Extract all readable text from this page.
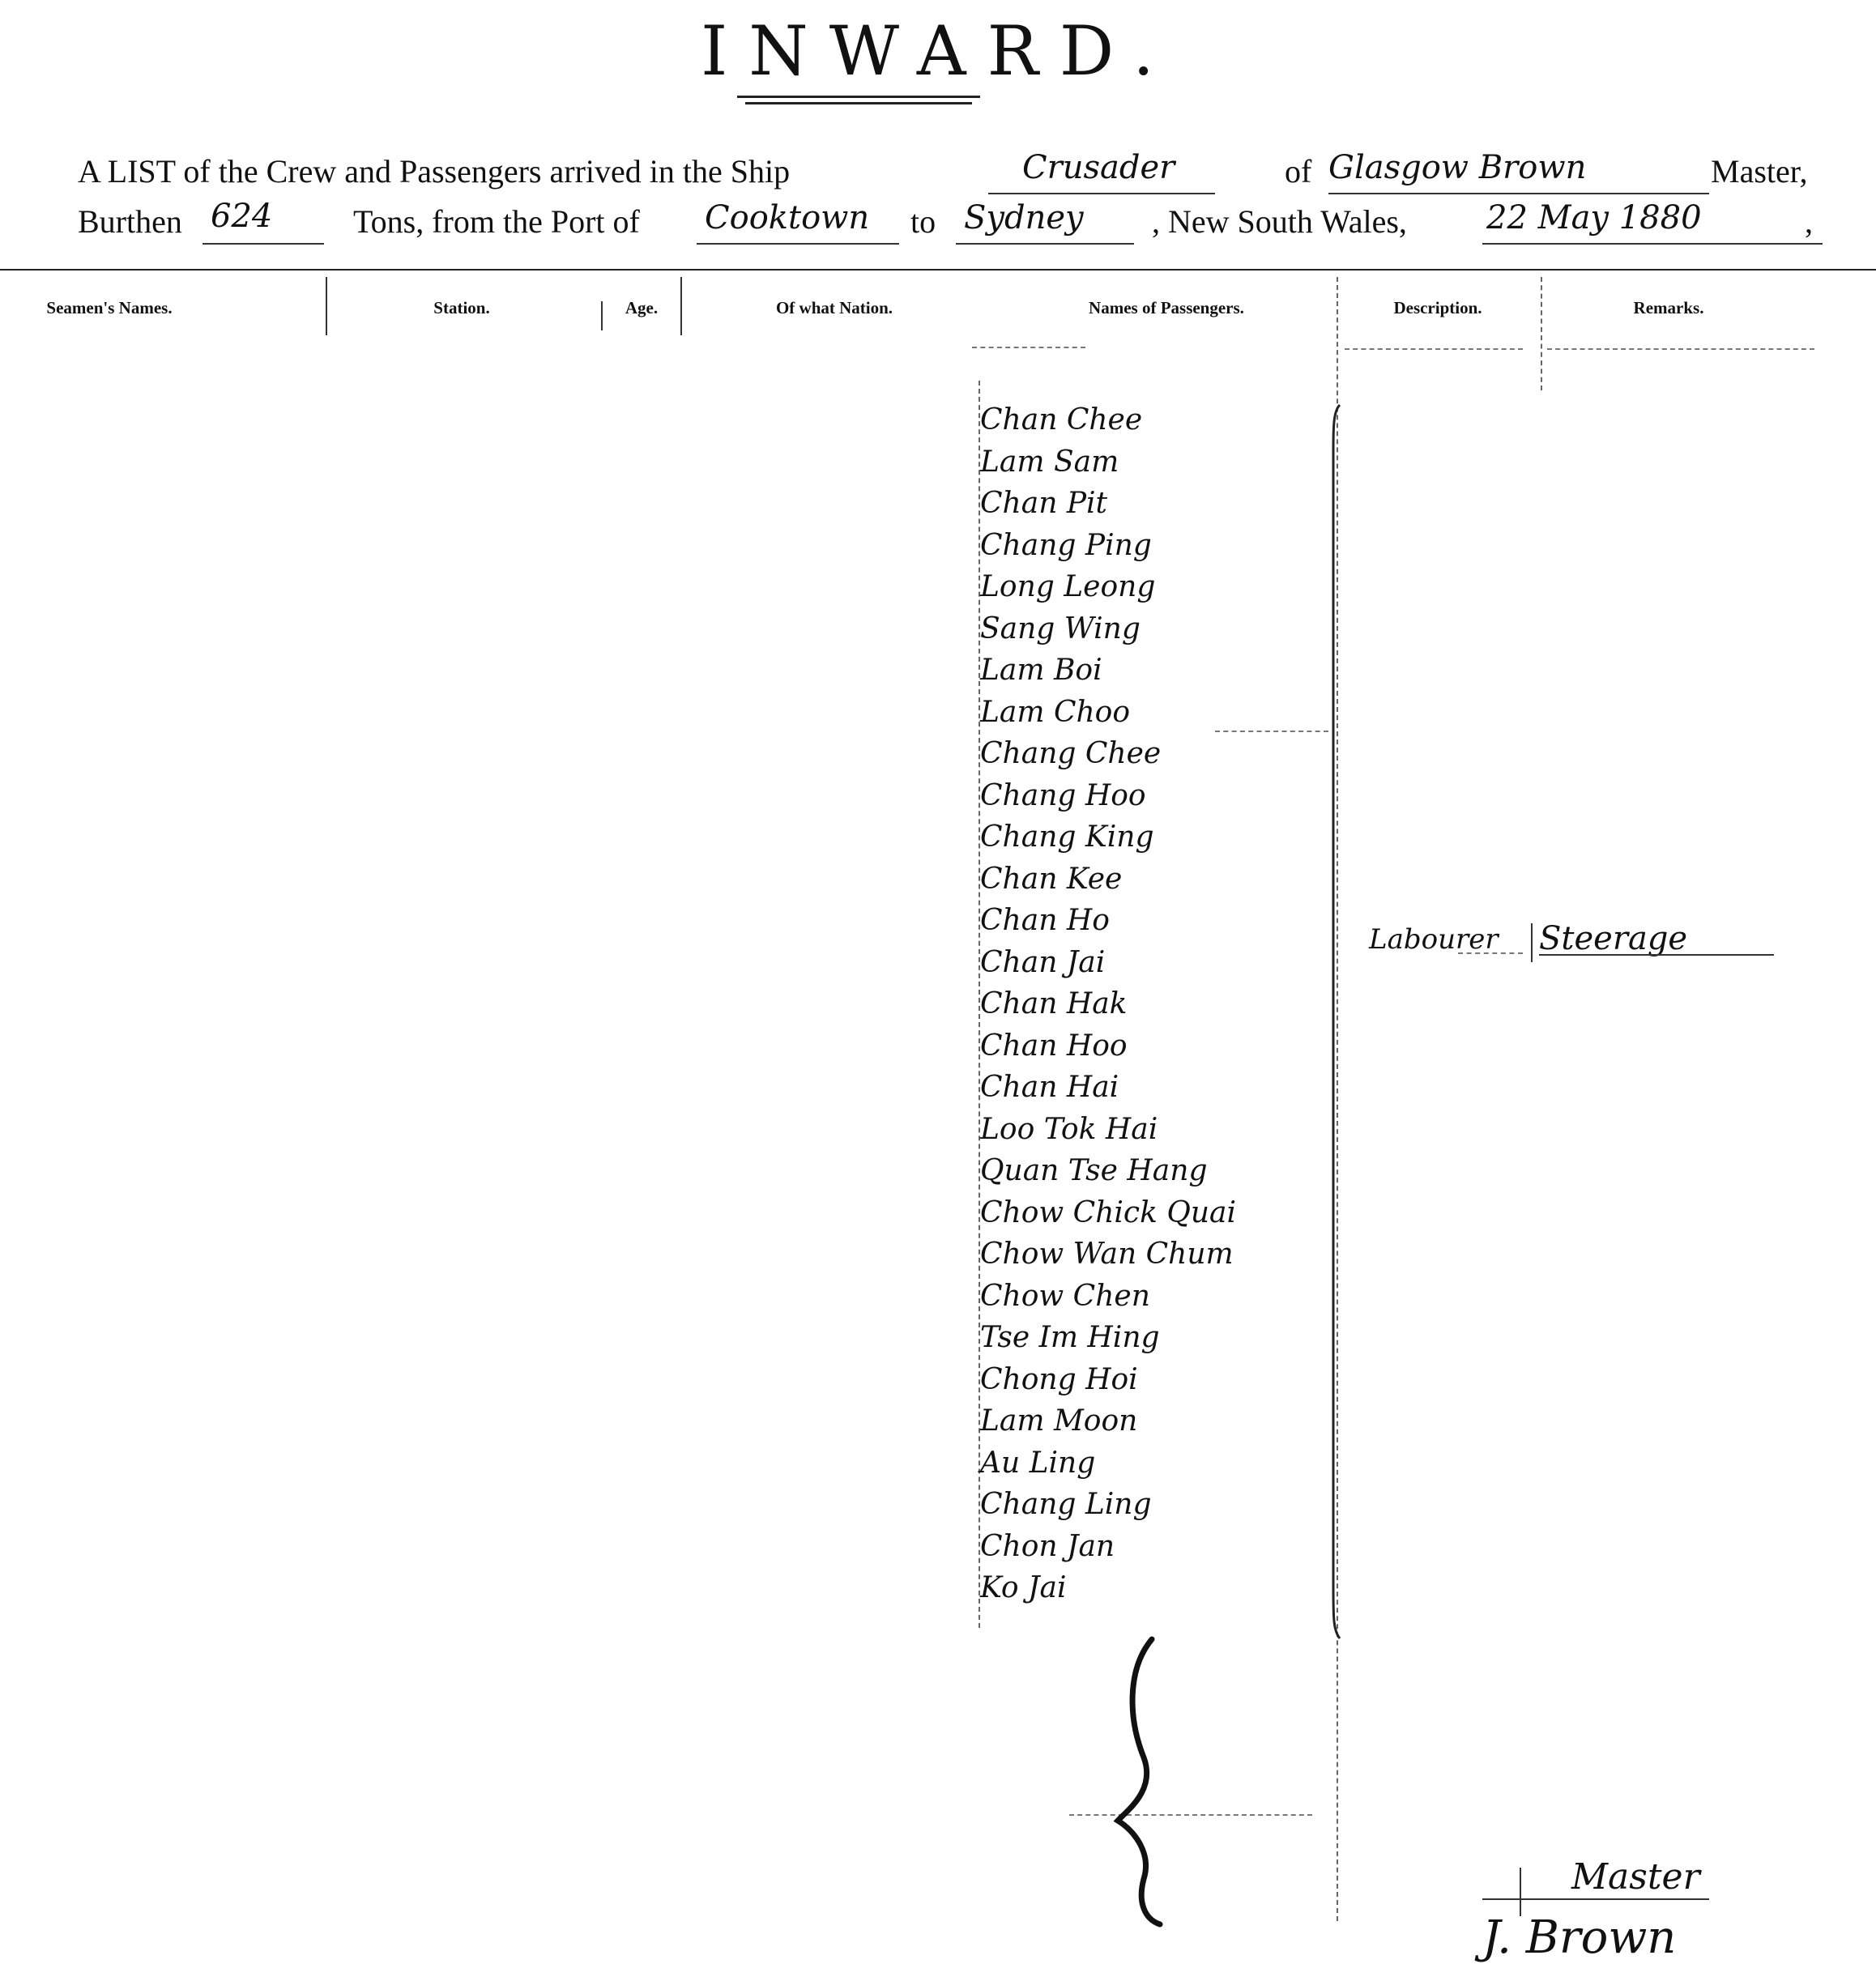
INWARD.
A LIST of the Crew and Passengers arrived in the Ship	Crusader	of Glasgow Brown	Master,
Burthen 624 Tons, from the Port of Cooktown to Sydney , New South Wales, 22 May 1880	,
Seamen's Names.	Station.	Age.	Of what Nation.	Names of Passengers.	Description.	Remarks.
Chan Chee
Lam Sam
Chan Pit
Chang Ping
Long Leong
Sang Wing
Lam Boi
Lam Choo
Chang Chee
Chang Hoo
Chang King
Chan Kee
Chan Ho
Chan Jai
Chan Hak
Chan Hoo
Chan Hai
Loo Tok Hai
Quan Tse Hang
Chow Chick Quai
Chow Wan Chum
Chow Chen
Tse Im Hing
Chong Hoi
Lam Moon
Au Ling
Chang Ling
Chon Jan
Ko Jai
Labourer Steerage
Master
J. Brown
